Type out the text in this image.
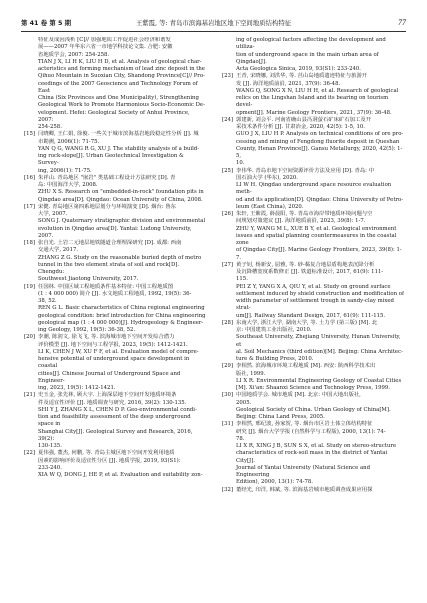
第 41 卷 第 5 期	王紫霞, 等: 青岛市滨海基岩地区地下空间地质结构特征	77
特征及成因浅析 [C]// 加强地质工作促进社会经济和谐发
展——2007 年华东六省一市地学科技论文集. 合肥: 安徽
省地质学会, 2007: 254-258.
TIAN J X, LI H K, LIU H D, et al. Analysis of geological char-
acteristics and forming mechanism of lead zinc deposit in the
Qihuo Mountain in Suoxian City, Shandong Province[C]// Pro-
ceedings of the 2007 Geoscience and Technology Forum of East
China (Six Provinces and One Municipality), Strengthening
Geological Work to Promote Harmonious Socio-Economic De-
velopment. Hefei: Geological Society of Anhui Province, 2007:
254-258.
[15] 闫晓卿, 王仁娟, 徐俊. 一些关于城市滨海基岩地段稳定性分析 [J]. 城
市勘测, 2006(1): 71-75.
YAN Q G, WANG R G, XU J. The stability analysis of a build-
ing rock-slope[J]. Urban Geotechnical Investigation & Survey-
ing, 2006(1): 71-75.
[16] 朱祥山. 青岛地区 "嵌岩" 类基础工程设计方法研究 [D]. 青
岛: 中国海洋大学, 2008.
ZHU X S. Research on "embedded-in-rock" foundation pits in
Qingdao area[D]. Qingdao: Ocean University of China, 2008.
[17] 宋健. 青岛地区第四系地层划分与环境演变 [D]. 烟台: 鲁东
大学, 2007.
SONG J. Quaternary stratigraphic division and environmental
evolution in Qingdao area[D]. Yantai: Ludong University, 2007.
[18] 张自光. 土岩二元地层地铁隧道合理埋深研究 [D]. 成都: 西南
交通大学, 2017.
ZHANG Z G. Study on the reasonable buried depth of metro
tunnel in the two element strata of soil and rock[D]. Chengdu:
Southwest Jiaotong University, 2017.
[19] 任国林. 中国区域工程地质条件基本特征: 中国工程地质图
(1 : 4 000 000) 简介 [J]. 水文地质工程地质, 1992, 19(5): 36-
38, 52.
REN G L. Basic characteristics of China regional engineering
geological condition: brief introduction for China engineering
geological map (1 : 4 000 000)[J]. Hydrogeology & Engineer-
ing Geology, 1992, 19(5): 36-38, 52.
[20] 李潮, 陈润文, 徐飞飞, 等. 滨海城市地下空间开发综合潜力
评价模型 [J]. 地下空间与工程学报, 2023, 19(5): 1412-1421.
LI K, CHEN J W, XU F F, et al. Evaluation model of compre-
hensive potential of underground space development in coastal
cities[J]. Chinese Journal of Underground Space and Engineer-
ing, 2023, 19(5): 1412-1421.
[21] 史玉金, 张先林, 顾大宇. 上海深层地下空间开发地质环境条
件及适宜性评价 [J]. 地质调查与研究, 2016, 39(2): 130-135.
SHI Y J, ZHANG X L, CHEN D P. Geo-environmental condi-
tion and feasibility assessment of the deep underground space in
Shanghai City[J]. Geological Survey and Research, 2016, 39(2):
130-135.
[22] 夏伟强, 董杰, 何鹏, 等. 青岛主城区地下空间开发利用地质
因素的影响评价及适宜性分区 [J]. 地质学报, 2019, 93(S1):
233-240.
XIA W Q, DONG J, HE P, et al. Evaluation and suitability zon-
ing of geological factors affecting the development and utiliza-
tion of underground space in the main urban area of Qingdao[J].
Acta Geologica Sinica, 2019, 93(S1): 233-240.
[23] 王青, 宋晓娜, 刘洪华, 等. 莒山岛地质遗迹特征与旅游开
发 [J]. 海洋地质前沿, 2021, 37(9): 36-48.
WANG Q, SONG X N, LIU H H, et al. Research of geological
relics on the Lingshan Island and its bearing on tourism devel-
opment[J]. Marine Geology Frontiers, 2021, 37(9): 36-48.
[24] 郭建新, 刘会平. 河南省确山县冯洞萤石矿床矿石加工及开
采技术条件分析 [J]. 甘肃冶金, 2020, 42(5): 1-5, 10.
GUO J X, LIU H P. Analysis on technical conditions of ore pro-
cessing and mining of Fengdong fluorite deposit in Queshan
County, Henan Province[J]. Gansu Metallurgy, 2020, 42(5): 1-5,
10.
[25] 李伟华. 青岛市地下空间资源评价方法及应用 [D]. 青岛: 中
国石油大学 (华东), 2020.
LI W H. Qingdao underground space resource evaluation meth-
od and its application[D]. Qingdao: China University of Petro-
leum (East China), 2020.
[26] 朱轩, 王紫霞, 薛晨阳, 等. 青岛市海岸带地质环境问题与空
间规划对策建议 [J]. 海洋地质前沿, 2023, 39(8): 1-7.
ZHU Y, WANG M L, XUE B Y, et al. Geological environment
issues and spatial planning countermeasures in the coastal zone
of Qingdao City[J]. Marine Geology Frontiers, 2023, 39(8): 1-7.
[27] 黄子钊, 杨新安, 屈雅, 等. 砂-黏复合地层盾构地表沉降分析
及沉降槽宽度系数修正 [J]. 铁道标准设计, 2017, 61(9): 111-
115.
PEI Z Y, YANG X A, QIU Y, et al. Study on ground surface
settlement induced by shield construction and modification of
width parameter of settlement trough in sandy-clay mixed strat-
um[J]. Railway Standard Design, 2017, 61(9): 111-115.
[28] 东南大学, 浙江大学, 湖南大学, 等. 土力学 (第三版) [M]. 北
京: 中国建筑工业出版社, 2010.
Southeast University, Zhejiang University, Hunan University, et
al. Soil Mechanics (third edition)[M]. Beijing: China Architec-
ture & Building Press, 2010.
[29] 李相然. 滨海城市环境工程地质 [M]. 西安: 陕西科学技术出
版社, 1999.
LI X R. Environmental Engineering Geology of Coastal Cities
[M]. Xi'an: Shaanxi Science and Technology Press, 1999.
[30] 中国地质学会. 城市地质 [M]. 北京: 中国大地出版社,
2005.
Geological Society of China. Urban Geology of China[M].
Beijing: China Land Press, 2005.
[31] 李相然, 邢纪波, 孙家贺, 等. 烟台市区岩土体立体结构特征
研究 [J]. 烟台大学学报 (自然科学与工程版), 2000, 13(1): 74-
78.
LI X R, XING J B, SUN S X, et al. Study on stereo-structure
characteristics of rock-soil mass in the district of Yantai City[J].
Journal of Yantai University (Natural Science and Engineering
Edition), 2000, 13(1): 74-78.
[32] 董经光, 印洋, 韩斌, 等. 滨海基岩城市地质调查成果应用探
